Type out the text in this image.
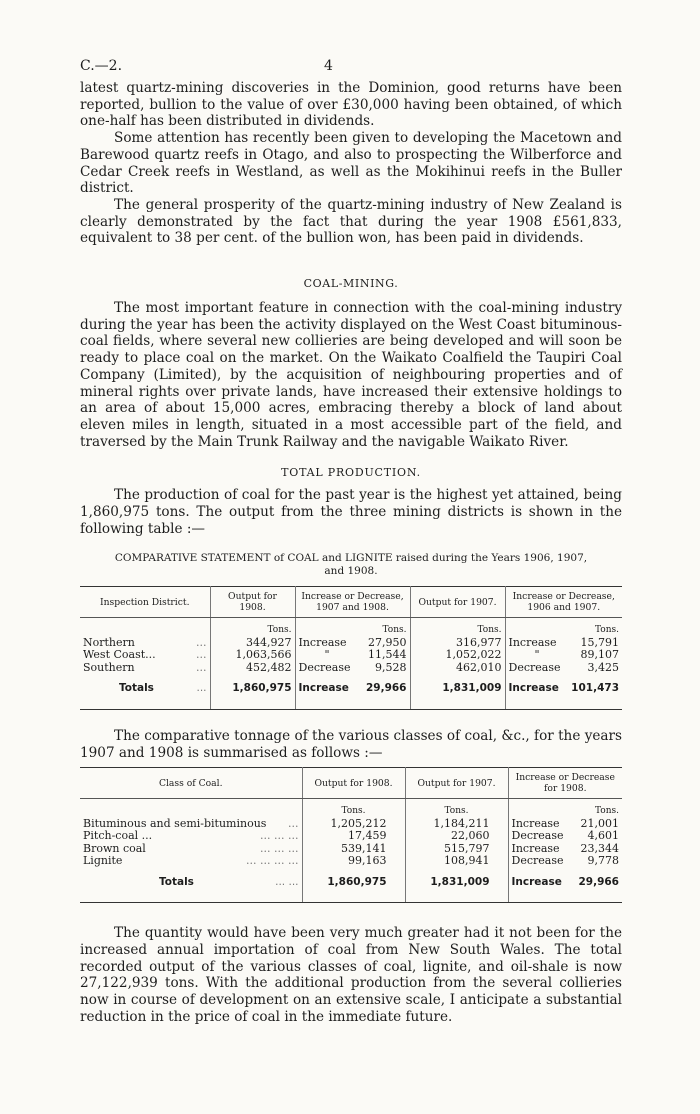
C.—2.	4

latest quartz-mining discoveries in the Dominion, good returns have been reported, bullion to the value of over £30,000 having been obtained, of which one-half has been distributed in dividends.

Some attention has recently been given to developing the Macetown and Barewood quartz reefs in Otago, and also to prospecting the Wilberforce and Cedar Creek reefs in Westland, as well as the Mokihinui reefs in the Buller district.

The general prosperity of the quartz-mining industry of New Zealand is clearly demonstrated by the fact that during the year 1908 £561,833, equivalent to 38 per cent. of the bullion won, has been paid in dividends.

COAL-MINING.

The most important feature in connection with the coal-mining industry during the year has been the activity displayed on the West Coast bituminous-coal fields, where several new collieries are being developed and will soon be ready to place coal on the market. On the Waikato Coalfield the Taupiri Coal Company (Limited), by the acquisition of neighbouring properties and of mineral rights over private lands, have increased their extensive holdings to an area of about 15,000 acres, embracing thereby a block of land about eleven miles in length, situated in a most accessible part of the field, and traversed by the Main Trunk Railway and the navigable Waikato River.

TOTAL PRODUCTION.

The production of coal for the past year is the highest yet attained, being 1,860,975 tons. The output from the three mining districts is shown in the following table :—

COMPARATIVE STATEMENT of COAL and LIGNITE raised during the Years 1906, 1907,
and 1908.
Inspection District.	Output for 1908.	Increase or Decrease, 1907 and 1908.	Output for 1907.	Increase or Decrease, 1906 and 1907.
	Tons.	Tons.	Tons.	Tons.
Northern ...	344,927	Increase 27,950	316,977	Increase 15,791

West Coast... ...	1,063,566	" 11,544	1,052,022	" 89,107

Southern ...	452,482	Decrease 9,528	462,010	Decrease 3,425

Totals ...	1,860,975	Increase 29,966	1,831,009	Increase 101,473

The comparative tonnage of the various classes of coal, &c., for the years 1907 and 1908 is summarised as follows :—

Class of Coal.	Output for 1908.	Output for 1907.	Increase or Decrease for 1908.
	Tons.	Tons.	Tons.
Bituminous and semi-bituminous ...	1,205,212	1,184,211	Increase 21,001

Pitch-coal ... ... ... ...	17,459	22,060	Decrease 4,601

Brown coal ... ... ...	539,141	515,797	Increase 23,344

Lignite ... ... ... ...	99,163	108,941	Decrease 9,778

Totals ... ...	1,860,975	1,831,009	Increase 29,966

The quantity would have been very much greater had it not been for the increased annual importation of coal from New South Wales. The total recorded output of the various classes of coal, lignite, and oil-shale is now 27,122,939 tons. With the additional production from the several collieries now in course of development on an extensive scale, I anticipate a substantial reduction in the price of coal in the immediate future.
